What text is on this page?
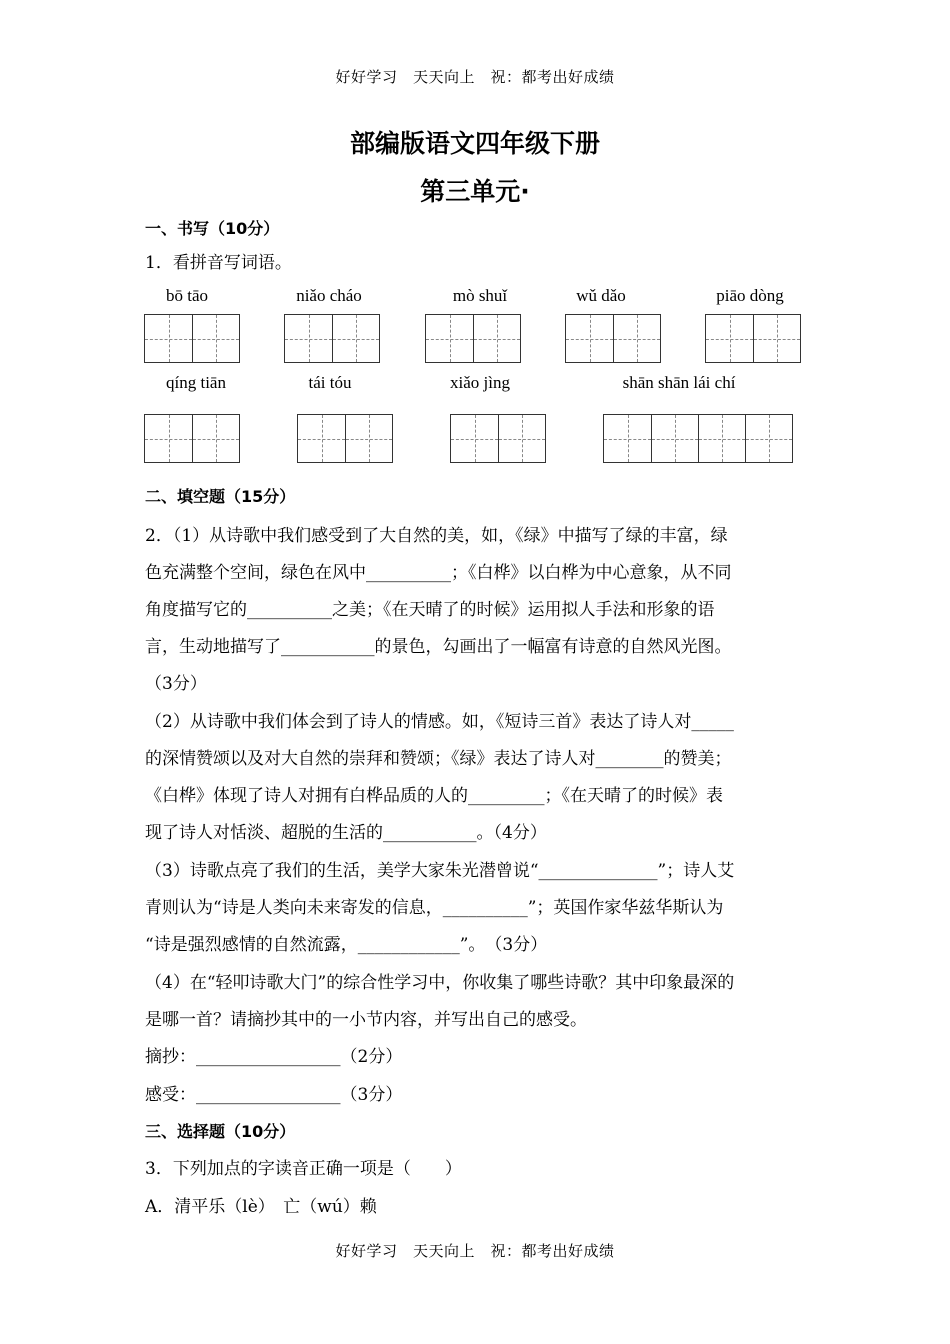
好好学习　天天向上　祝：都考出好成绩
部编版语文四年级下册
第三单元·
一、书写（10分）
1．看拼音写词语。
bō tāo	niǎo cháo	mò shuǐ	wǔ dǎo	piāo dòng
qíng tiān	tái tóu	xiǎo jìng	shān shān lái chí
二、填空题（15分）
2．（1）从诗歌中我们感受到了大自然的美，如，《绿》中描写了绿的丰富，绿
色充满整个空间，绿色在风中__________；《白桦》以白桦为中心意象，从不同
角度描写它的__________之美；《在天晴了的时候》运用拟人手法和形象的语
言，生动地描写了___________的景色，勾画出了一幅富有诗意的自然风光图。
（3分）
（2）从诗歌中我们体会到了诗人的情感。如，《短诗三首》表达了诗人对_____
的深情赞颂以及对大自然的崇拜和赞颂；《绿》表达了诗人对________的赞美；
《白桦》体现了诗人对拥有白桦品质的人的_________；《在天晴了的时候》表
现了诗人对恬淡、超脱的生活的___________。（4分）
（3）诗歌点亮了我们的生活，美学大家朱光潜曾说“______________”；诗人艾
青则认为“诗是人类向未来寄发的信息，__________”；英国作家华兹华斯认为
“诗是强烈感情的自然流露，____________”。　（3分）
（4）在“轻叩诗歌大门”的综合性学习中，你收集了哪些诗歌？其中印象最深的
是哪一首？请摘抄其中的一小节内容，并写出自己的感受。
摘抄：_________________（2分）
感受：_________________（3分）
三、选择题（10分）
3．下列加点的字读音正确一项是（　　）
A．清平乐（lè）　亡（wú）赖
好好学习　天天向上　祝：都考出好成绩
